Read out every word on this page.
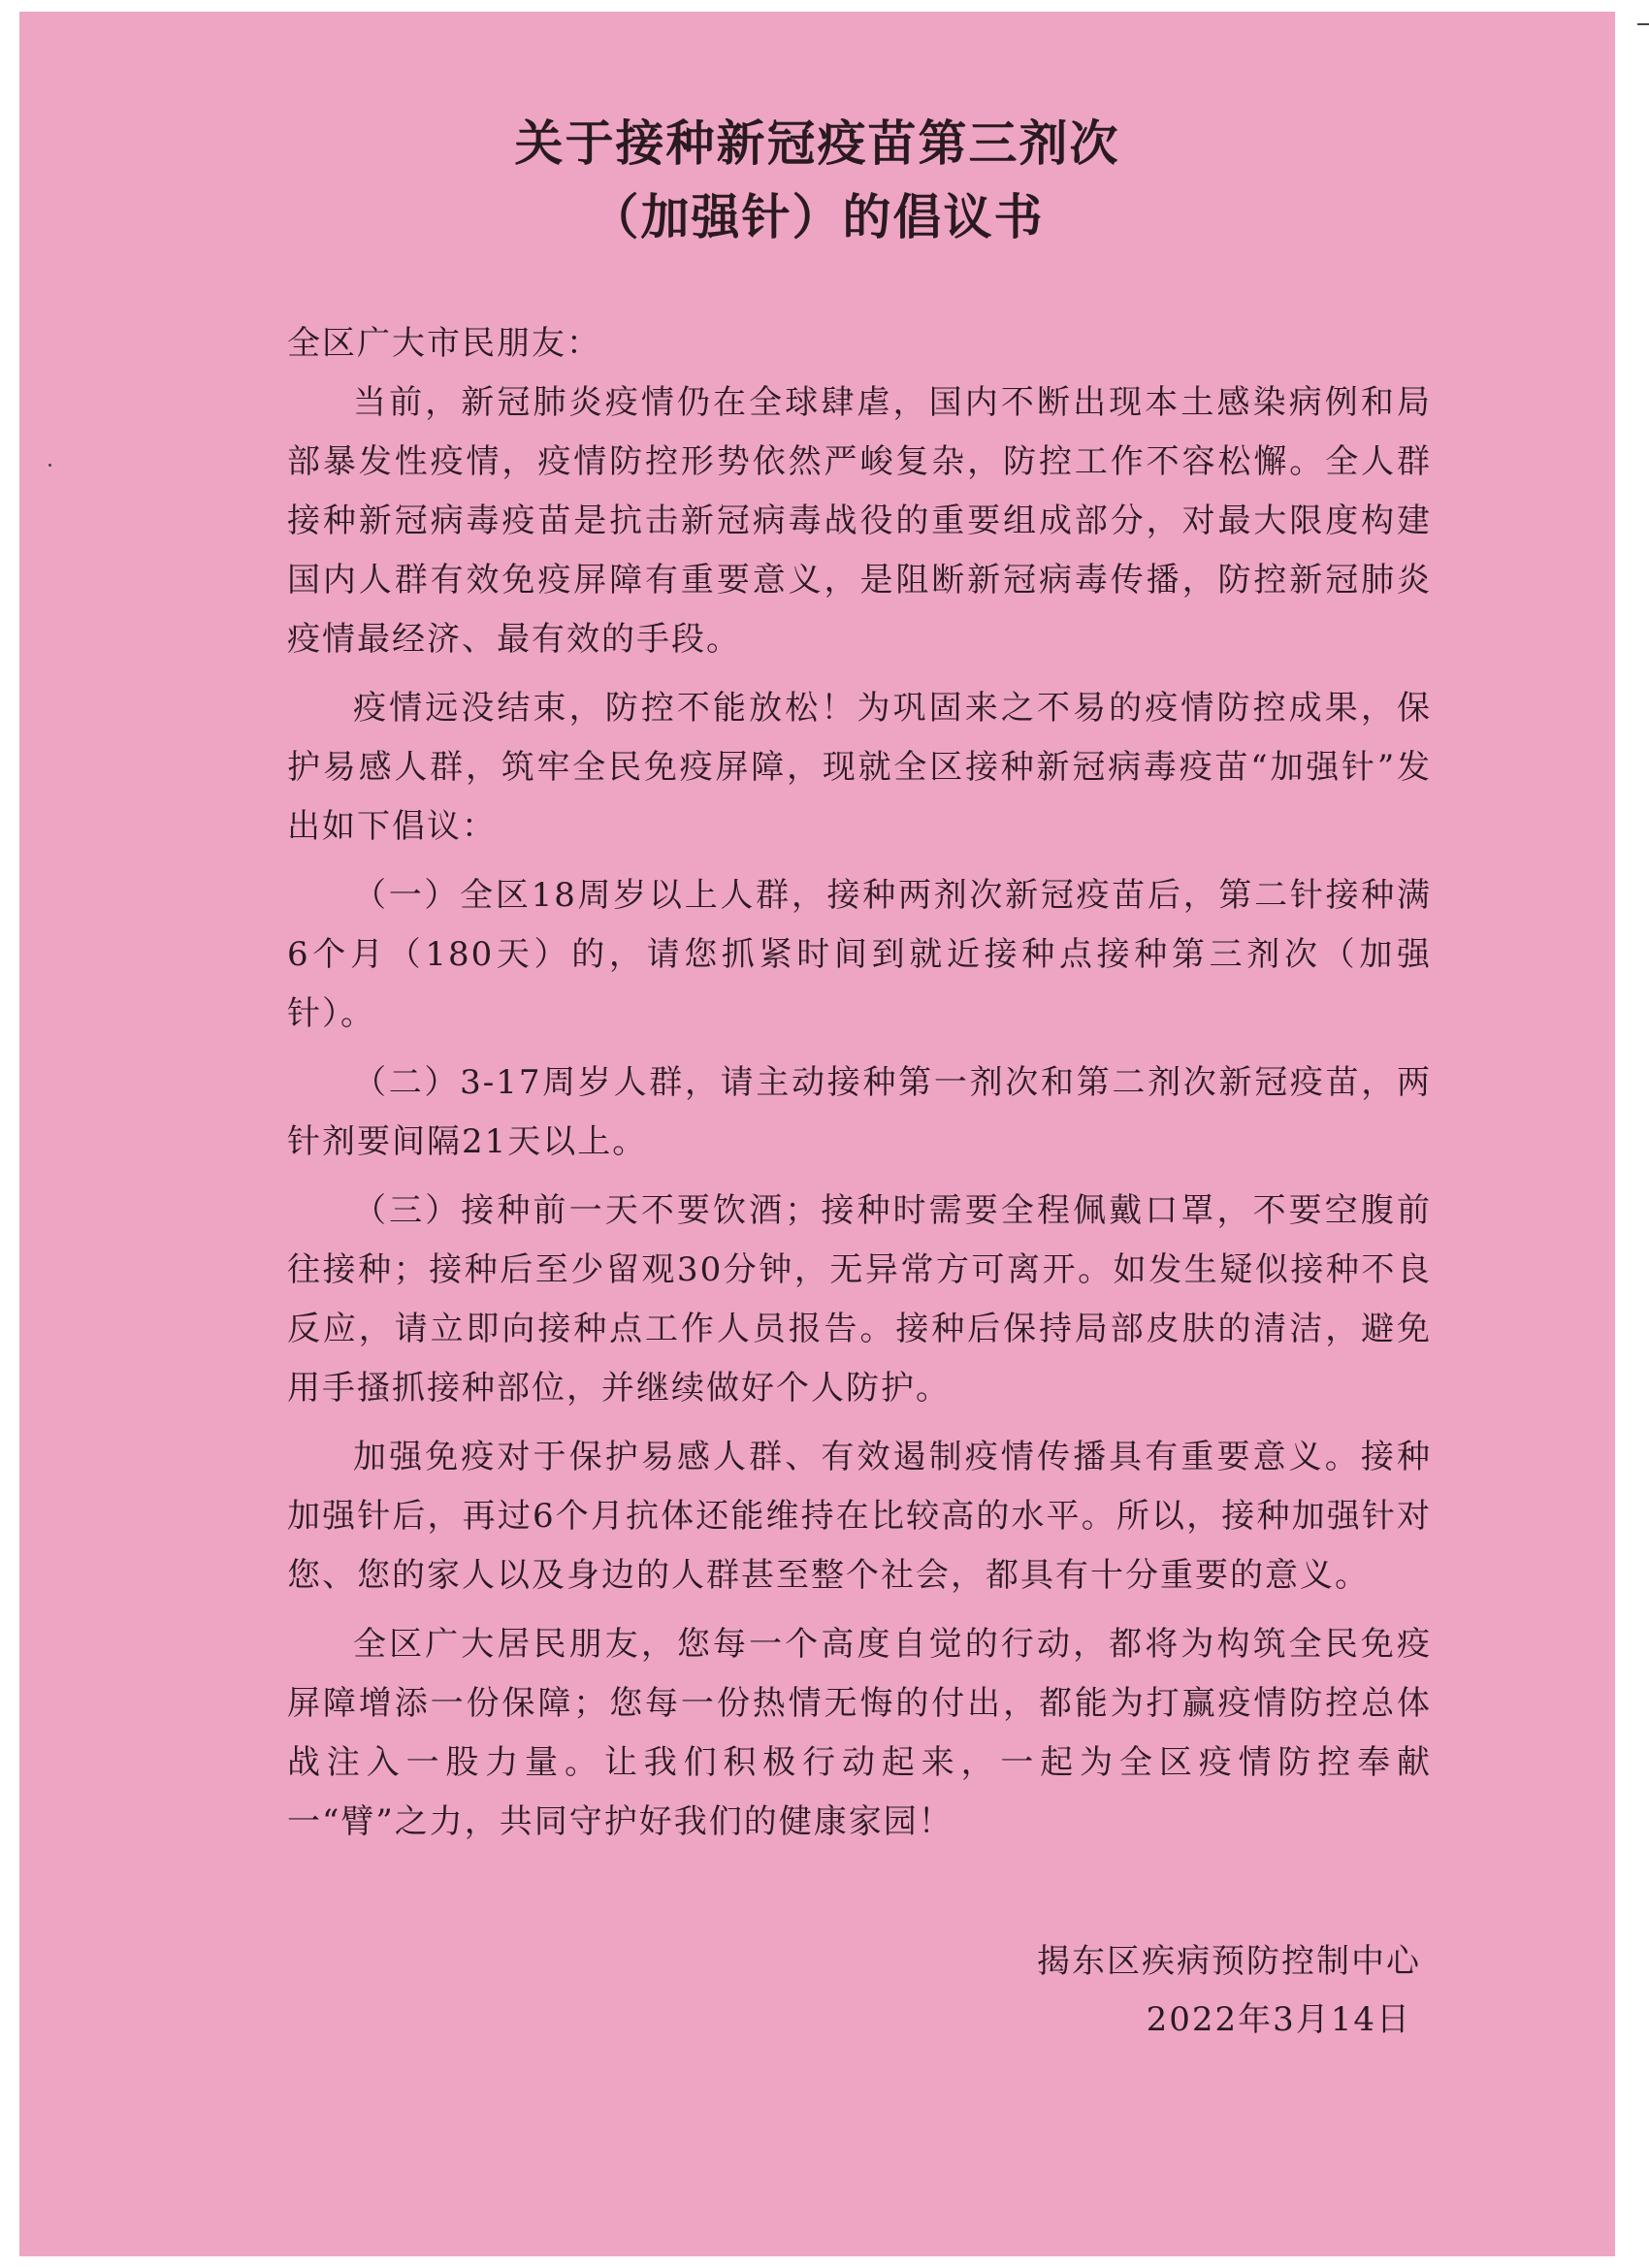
关于接种新冠疫苗第三剂次
（加强针）的倡议书

全区广大市民朋友：

当前，新冠肺炎疫情仍在全球肆虐，国内不断出现本土感染病例和局部暴发性疫情，疫情防控形势依然严峻复杂，防控工作不容松懈。全人群接种新冠病毒疫苗是抗击新冠病毒战役的重要组成部分，对最大限度构建国内人群有效免疫屏障有重要意义，是阻断新冠病毒传播，防控新冠肺炎疫情最经济、最有效的手段。

疫情远没结束，防控不能放松！为巩固来之不易的疫情防控成果，保护易感人群，筑牢全民免疫屏障，现就全区接种新冠病毒疫苗“加强针”发出如下倡议：

（一）全区18周岁以上人群，接种两剂次新冠疫苗后，第二针接种满6个月（180天）的，请您抓紧时间到就近接种点接种第三剂次（加强针）。

（二）3-17周岁人群，请主动接种第一剂次和第二剂次新冠疫苗，两针剂要间隔21天以上。

（三）接种前一天不要饮酒；接种时需要全程佩戴口罩，不要空腹前往接种；接种后至少留观30分钟，无异常方可离开。如发生疑似接种不良反应，请立即向接种点工作人员报告。接种后保持局部皮肤的清洁，避免用手搔抓接种部位，并继续做好个人防护。

加强免疫对于保护易感人群、有效遏制疫情传播具有重要意义。接种加强针后，再过6个月抗体还能维持在比较高的水平。所以，接种加强针对您、您的家人以及身边的人群甚至整个社会，都具有十分重要的意义。

全区广大居民朋友，您每一个高度自觉的行动，都将为构筑全民免疫屏障增添一份保障；您每一份热情无悔的付出，都能为打赢疫情防控总体战注入一股力量。让我们积极行动起来，一起为全区疫情防控奉献一“臂”之力，共同守护好我们的健康家园！

揭东区疾病预防控制中心
2022年3月14日
